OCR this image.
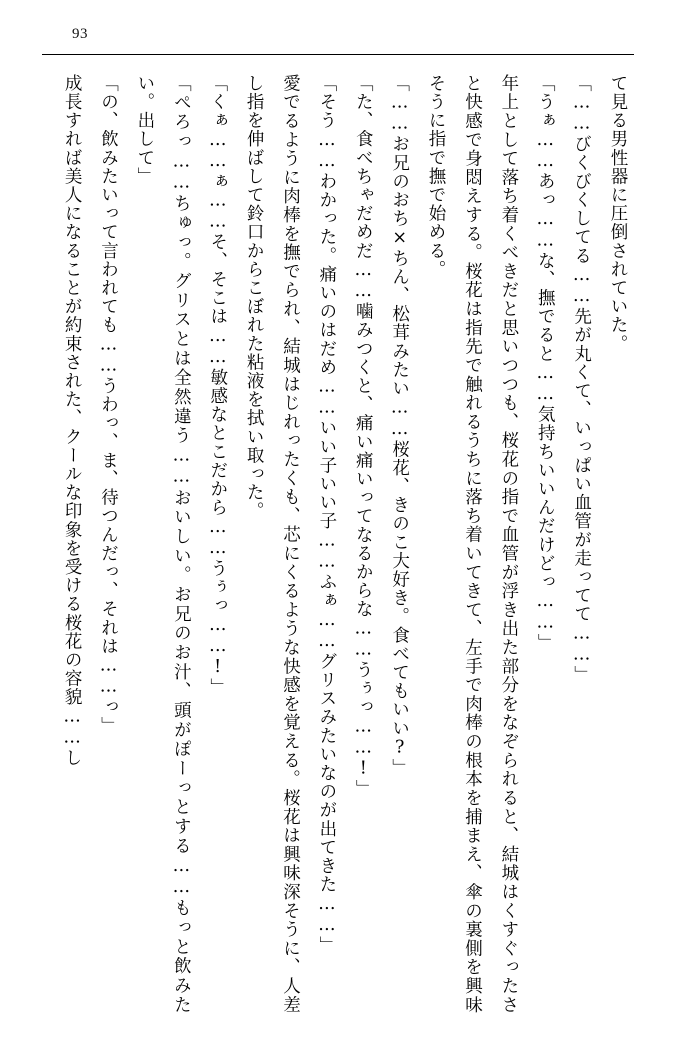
93

て見る男性器に圧倒されていた。

「……びくびくしてる……先が丸くて、いっぱい血管が走ってて……」

「うぁ……あっ……な、撫でると……気持ちいいんだけどっ……」

年上として落ち着くべきだと思いつつも、桜花の指で血管が浮き出た部分をなぞられると、結城はくすぐったさと快感で身悶えする。桜花は指先で触れるうちに落ち着いてきて、左手で肉棒の根本を捕まえ、傘の裏側を興味そうに指で撫で始める。

「……お兄のおち×ちん、松茸みたい……桜花、きのこ大好き。食べてもいい?」

「た、食べちゃだめだ……噛みつくと、痛い痛いってなるからな……うぅっ……!」

「そう……わかった。痛いのはだめ……いい子いい子……ふぁ……グリスみたいなのが出てきた……」

愛でるように肉棒を撫でられ、結城はじれったくも、芯にくるような快感を覚える。桜花は興味深そうに、人差し指を伸ばして鈴口からこぼれた粘液を拭い取った。

「くぁ……ぁ……そ、そこは……敏感なとこだから……うぅっ……!」

「ぺろっ……ちゅっ。グリスとは全然違う……おいしい。お兄のお汁、頭がぽーっとする……もっと飲みたい。出して」

「の、飲みたいって言われても……うわっ、ま、待つんだっ、それは……っ」

成長すれば美人になることが約束された、クールな印象を受ける桜花の容貌……し
